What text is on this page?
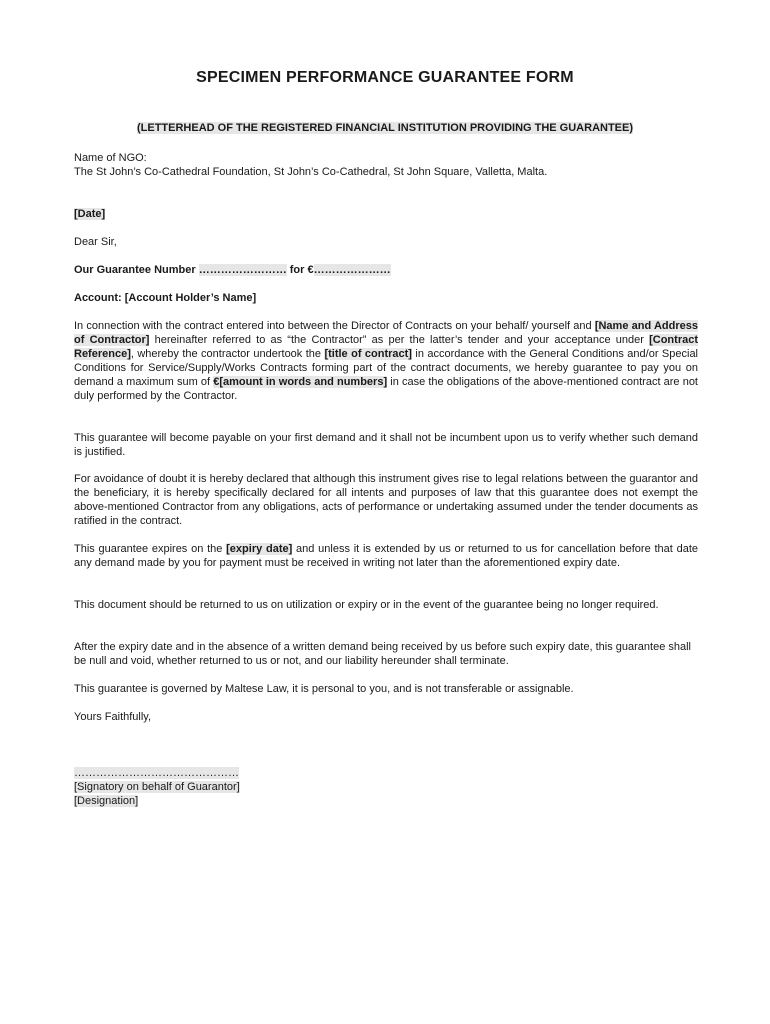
SPECIMEN PERFORMANCE GUARANTEE FORM
(LETTERHEAD OF THE REGISTERED FINANCIAL INSTITUTION PROVIDING THE GUARANTEE)
Name of NGO:
The St John’s Co-Cathedral Foundation, St John’s Co-Cathedral, St John Square, Valletta, Malta.
[Date]
Dear Sir,
Our Guarantee Number …………………… for €…………………
Account: [Account Holder’s Name]
In connection with the contract entered into between the Director of Contracts on your behalf/ yourself and [Name and Address of Contractor] hereinafter referred to as “the Contractor” as per the latter’s tender and your acceptance under [Contract Reference], whereby the contractor undertook the [title of contract] in accordance with the General Conditions and/or Special Conditions for Service/Supply/Works Contracts forming part of the contract documents, we hereby guarantee to pay you on demand a maximum sum of €[amount in words and numbers] in case the obligations of the above-mentioned contract are not duly performed by the Contractor.
This guarantee will become payable on your first demand and it shall not be incumbent upon us to verify whether such demand is justified.
For avoidance of doubt it is hereby declared that although this instrument gives rise to legal relations between the guarantor and the beneficiary, it is hereby specifically declared for all intents and purposes of law that this guarantee does not exempt the above-mentioned Contractor from any obligations, acts of performance or undertaking assumed under the tender documents as ratified in the contract.
This guarantee expires on the [expiry date] and unless it is extended by us or returned to us for cancellation before that date any demand made by you for payment must be received in writing not later than the aforementioned expiry date.
This document should be returned to us on utilization or expiry or in the event of the guarantee being no longer required.
After the expiry date and in the absence of a written demand being received by us before such expiry date, this guarantee shall be null and void, whether returned to us or not, and our liability hereunder shall terminate.
This guarantee is governed by Maltese Law, it is personal to you, and is not transferable or assignable.
Yours Faithfully,
………………………………………
[Signatory on behalf of Guarantor]
[Designation]
